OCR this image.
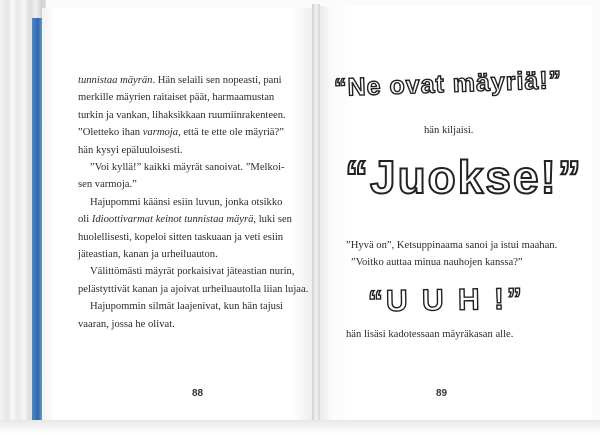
tunnistaa mäyrän. Hän selaili sen nopeasti, pani
merkille mäyrien raitaiset päät, harmaamustan
turkin ja vankan, lihaksikkaan ruumiinrakenteen.
”Oletteko ihan varmoja, että te ette ole mäyriä?”
hän kysyi epäluuloisesti.
”Voi kyllä!” kaikki mäyrät sanoivat. ”Melkoi-
sen varmoja.”
Hajupommi käänsi esiin luvun, jonka otsikko
oli Idioottivarmat keinot tunnistaa mäyrä, luki sen
huolellisesti, kopeloi sitten taskuaan ja veti esiin
jäteastian, kanan ja urheiluauton.
Välittömästi mäyrät porkaisivat jäteastian nurin,
pelästyttivät kanan ja ajoivat urheiluautolla liian lujaa.
Hajupommin silmät laajenivat, kun hän tajusi
vaaran, jossa he olivat.
88
“Ne ovat mäyriä!”
hän kiljaisi.
“Juokse!”
”Hyvä on”, Ketsuppinaama sanoi ja istui maahan.
”Voitko auttaa minua nauhojen kanssa?”
“U U H !”
hän lisäsi kadotessaan mäyräkasan alle.
89
